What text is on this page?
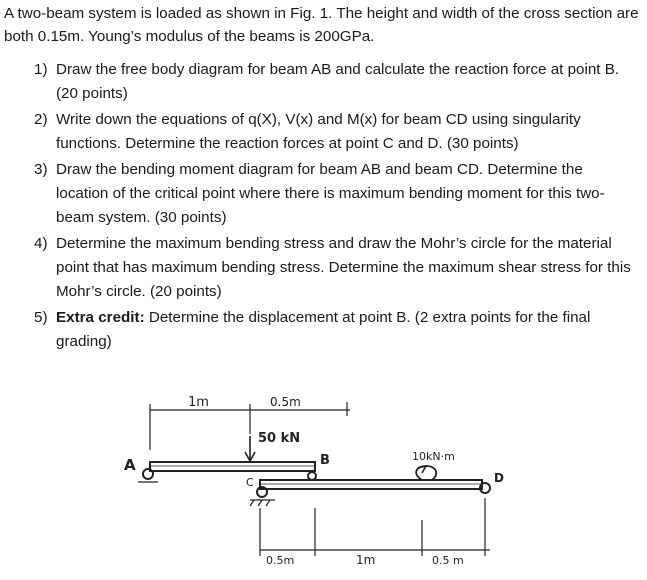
A two-beam system is loaded as shown in Fig. 1. The height and width of the cross section are both 0.15m. Young’s modulus of the beams is 200GPa.

1) Draw the free body diagram for beam AB and calculate the reaction force at point B. (20 points)
2) Write down the equations of q(X), V(x) and M(x) for beam CD using singularity functions. Determine the reaction forces at point C and D. (30 points)
3) Draw the bending moment diagram for beam AB and beam CD. Determine the location of the critical point where there is maximum bending moment for this two-beam system. (30 points)
4) Determine the maximum bending stress and draw the Mohr’s circle for the material point that has maximum bending stress. Determine the maximum shear stress for this Mohr’s circle. (20 points)
5) Extra credit: Determine the displacement at point B. (2 extra points for the final grading)
1m	0.5m
50 kN
A	B
C	D
10kN·m
0.5m	1m	0.5 m
